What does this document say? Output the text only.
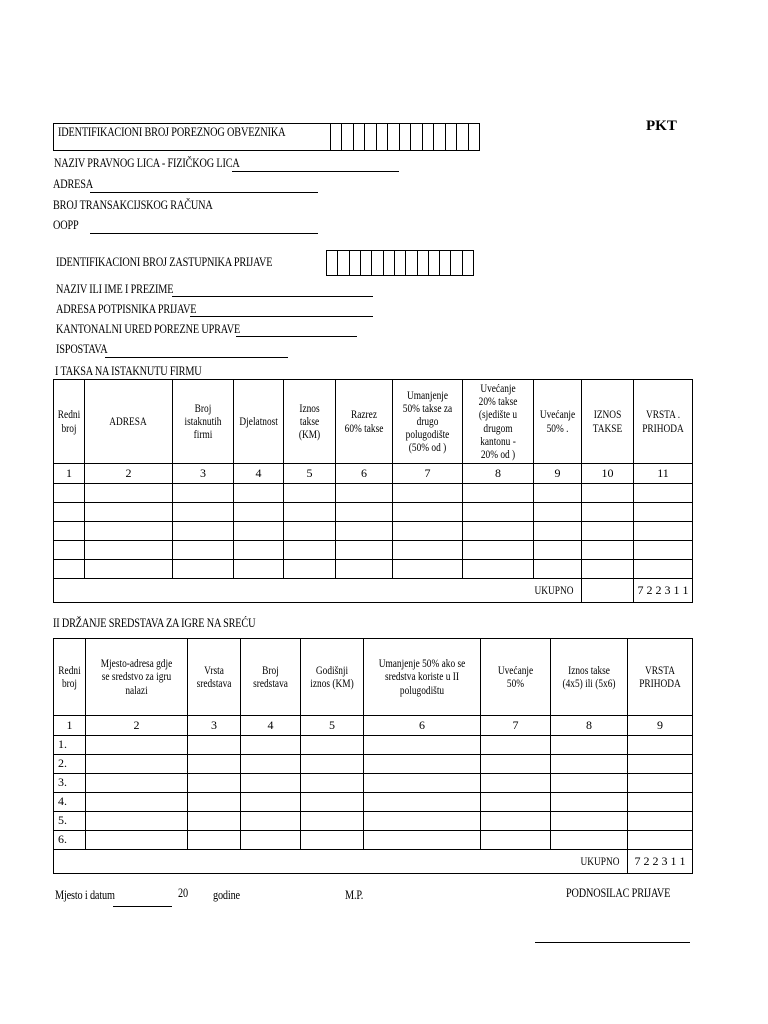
PKT
IDENTIFIKACIONI BROJ POREZNOG OBVEZNIKA
NAZIV PRAVNOG LICA - FIZIČKOG LICA
ADRESA
BROJ TRANSAKCIJSKOG RAČUNA
OOPP
IDENTIFIKACIONI BROJ ZASTUPNIKA PRIJAVE
NAZIV ILI IME I PREZIME
ADRESA POTPISNIKA PRIJAVE
KANTONALNI URED POREZNE UPRAVE
ISPOSTAVA
I TAKSA NA ISTAKNUTU FIRMU
Redni broj	ADRESA	Broj istaknutih firmi	Djelatnost	Iznos takse (KM)	Razrez 60% takse	Umanjenje 50% takse za drugo polugodište (50% od )	Uvećanje 20% takse (sjedište u drugom kantonu - 20% od )	Uvećanje 50% .	IZNOS TAKSE	VRSTA . PRIHODA
1	2	3	4	5	6	7	8	9	10	11

UKUPNO										7 2 2 3 1 1
II DRŽANJE SREDSTAVA ZA IGRE NA SREĆU
Redni broj	Mjesto-adresa gdje se sredstvo za igru nalazi	Vrsta sredstava	Broj sredstava	Godišnji iznos (KM)	Umanjenje 50% ako se sredstva koriste u II polugodištu	Uvećanje 50%	Iznos takse (4x5) ili (5x6)	VRSTA PRIHODA
1	2	3	4	5	6	7	8	9
1.								
2.								
3.								
4.								
5.								
6.								
UKUPNO								7 2 2 3 1 1
Mjesto i datum	20 godine	M.P.	PODNOSILAC PRIJAVE
